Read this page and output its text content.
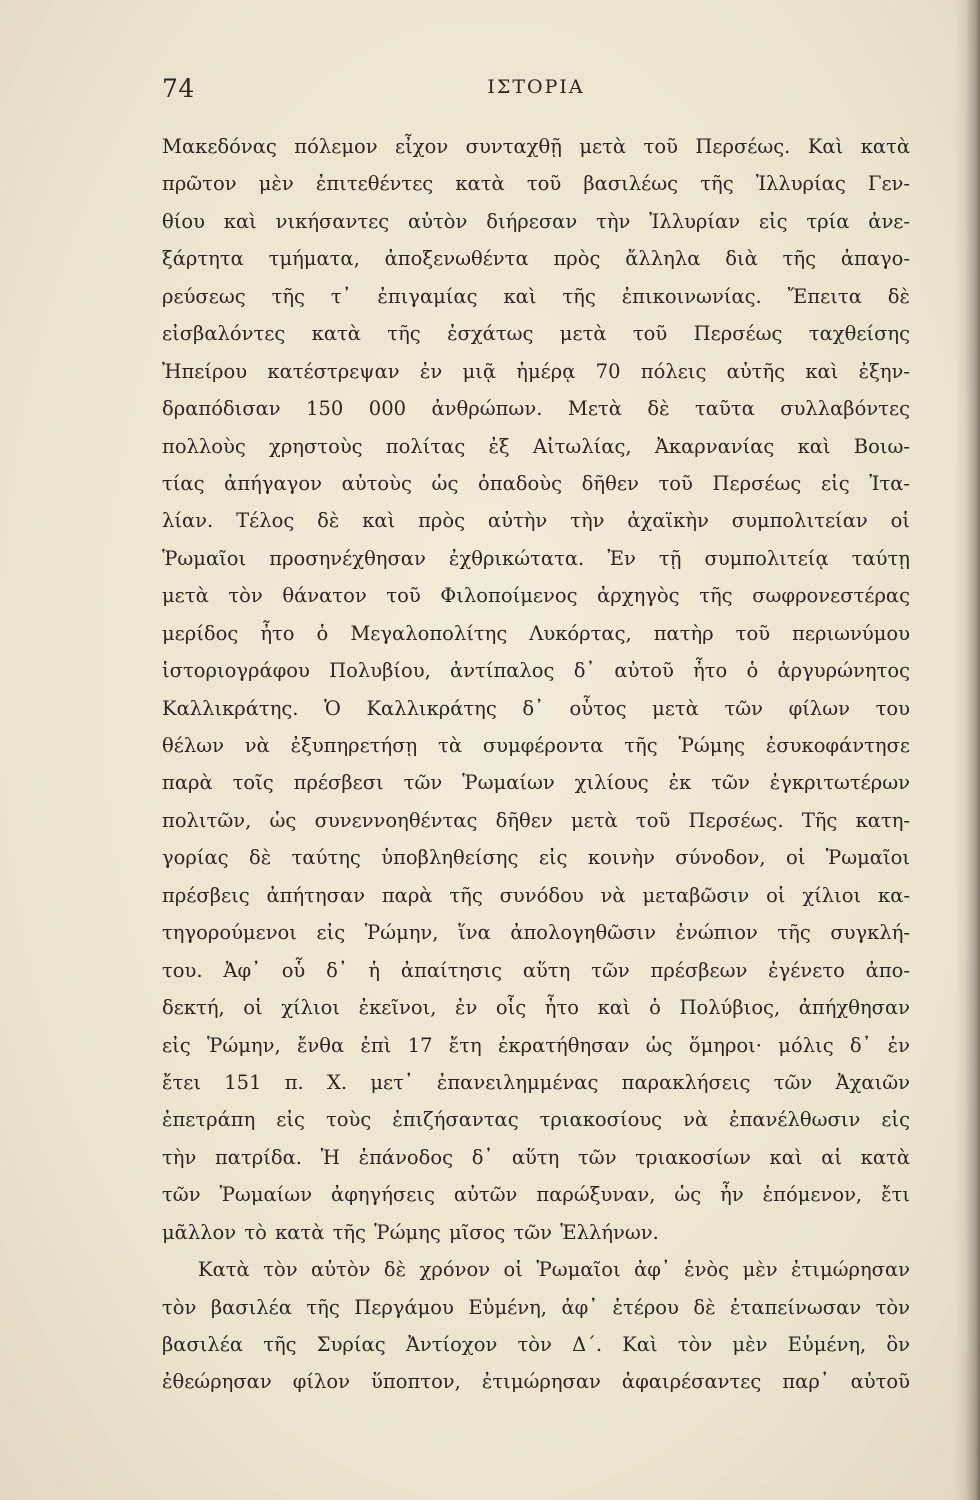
74	ΙΣΤΟΡΙΑ
Μακεδόνας πόλεμον εἶχον συνταχθῇ μετὰ τοῦ Περσέως. Καὶ κατὰ
πρῶτον μὲν ἐπιτεθέντες κατὰ τοῦ βασιλέως τῆς Ἰλλυρίας Γεν-
θίου καὶ νικήσαντες αὐτὸν διήρεσαν τὴν Ἰλλυρίαν εἰς τρία ἀνε-
ξάρτητα τμήματα, ἀποξενωθέντα πρὸς ἄλληλα διὰ τῆς ἀπαγο-
ρεύσεως τῆς τ᾽ ἐπιγαμίας καὶ τῆς ἐπικοινωνίας. Ἔπειτα δὲ
εἰσβαλόντες κατὰ τῆς ἐσχάτως μετὰ τοῦ Περσέως ταχθείσης
Ἠπείρου κατέστρεψαν ἐν μιᾷ ἡμέρᾳ 70 πόλεις αὐτῆς καὶ ἐξην-
δραπόδισαν 150 000 ἀνθρώπων. Μετὰ δὲ ταῦτα συλλαβόντες
πολλοὺς χρηστοὺς πολίτας ἐξ Αἰτωλίας, Ἀκαρνανίας καὶ Βοιω-
τίας ἀπήγαγον αὐτοὺς ὡς ὀπαδοὺς δῆθεν τοῦ Περσέως εἰς Ἰτα-
λίαν. Τέλος δὲ καὶ πρὸς αὐτὴν τὴν ἀχαϊκὴν συμπολιτείαν οἱ
Ῥωμαῖοι προσηνέχθησαν ἐχθρικώτατα. Ἐν τῇ συμπολιτείᾳ ταύτῃ
μετὰ τὸν θάνατον τοῦ Φιλοποίμενος ἀρχηγὸς τῆς σωφρονεστέρας
μερίδος ἦτο ὁ Μεγαλοπολίτης Λυκόρτας, πατὴρ τοῦ περιωνύμου
ἱστοριογράφου Πολυβίου, ἀντίπαλος δ᾽ αὐτοῦ ἦτο ὁ ἀργυρώνητος
Καλλικράτης. Ὁ Καλλικράτης δ᾽ οὗτος μετὰ τῶν φίλων του
θέλων νὰ ἐξυπηρετήσῃ τὰ συμφέροντα τῆς Ῥώμης ἐσυκοφάντησε
παρὰ τοῖς πρέσβεσι τῶν Ῥωμαίων χιλίους ἐκ τῶν ἐγκριτωτέρων
πολιτῶν, ὡς συνεννοηθέντας δῆθεν μετὰ τοῦ Περσέως. Τῆς κατη-
γορίας δὲ ταύτης ὑποβληθείσης εἰς κοινὴν σύνοδον, οἱ Ῥωμαῖοι
πρέσβεις ἀπήτησαν παρὰ τῆς συνόδου νὰ μεταβῶσιν οἱ χίλιοι κα-
τηγορούμενοι εἰς Ῥώμην, ἵνα ἀπολογηθῶσιν ἐνώπιον τῆς συγκλή-
του. Ἀφ᾽ οὗ δ᾽ ἡ ἀπαίτησις αὕτη τῶν πρέσβεων ἐγένετο ἀπο-
δεκτή, οἱ χίλιοι ἐκεῖνοι, ἐν οἷς ἦτο καὶ ὁ Πολύβιος, ἀπήχθησαν
εἰς Ῥώμην, ἔνθα ἐπὶ 17 ἔτη ἐκρατήθησαν ὡς ὅμηροι· μόλις δ᾽ ἐν
ἔτει 151 π. Χ. μετ᾽ ἐπανειλημμένας παρακλήσεις τῶν Ἀχαιῶν
ἐπετράπη εἰς τοὺς ἐπιζήσαντας τριακοσίους νὰ ἐπανέλθωσιν εἰς
τὴν πατρίδα. Ἡ ἐπάνοδος δ᾽ αὕτη τῶν τριακοσίων καὶ αἱ κατὰ
τῶν Ῥωμαίων ἀφηγήσεις αὐτῶν παρώξυναν, ὡς ἦν ἑπόμενον, ἔτι
μᾶλλον τὸ κατὰ τῆς Ῥώμης μῖσος τῶν Ἑλλήνων.
Κατὰ τὸν αὐτὸν δὲ χρόνον οἱ Ῥωμαῖοι ἀφ᾽ ἑνὸς μὲν ἐτιμώρησαν
τὸν βασιλέα τῆς Περγάμου Εὐμένη, ἀφ᾽ ἑτέρου δὲ ἐταπείνωσαν τὸν
βασιλέα τῆς Συρίας Ἀντίοχον τὸν Δ΄. Καὶ τὸν μὲν Εὐμένη, ὃν
ἐθεώρησαν φίλον ὕποπτον, ἐτιμώρησαν ἀφαιρέσαντες παρ᾽ αὐτοῦ
